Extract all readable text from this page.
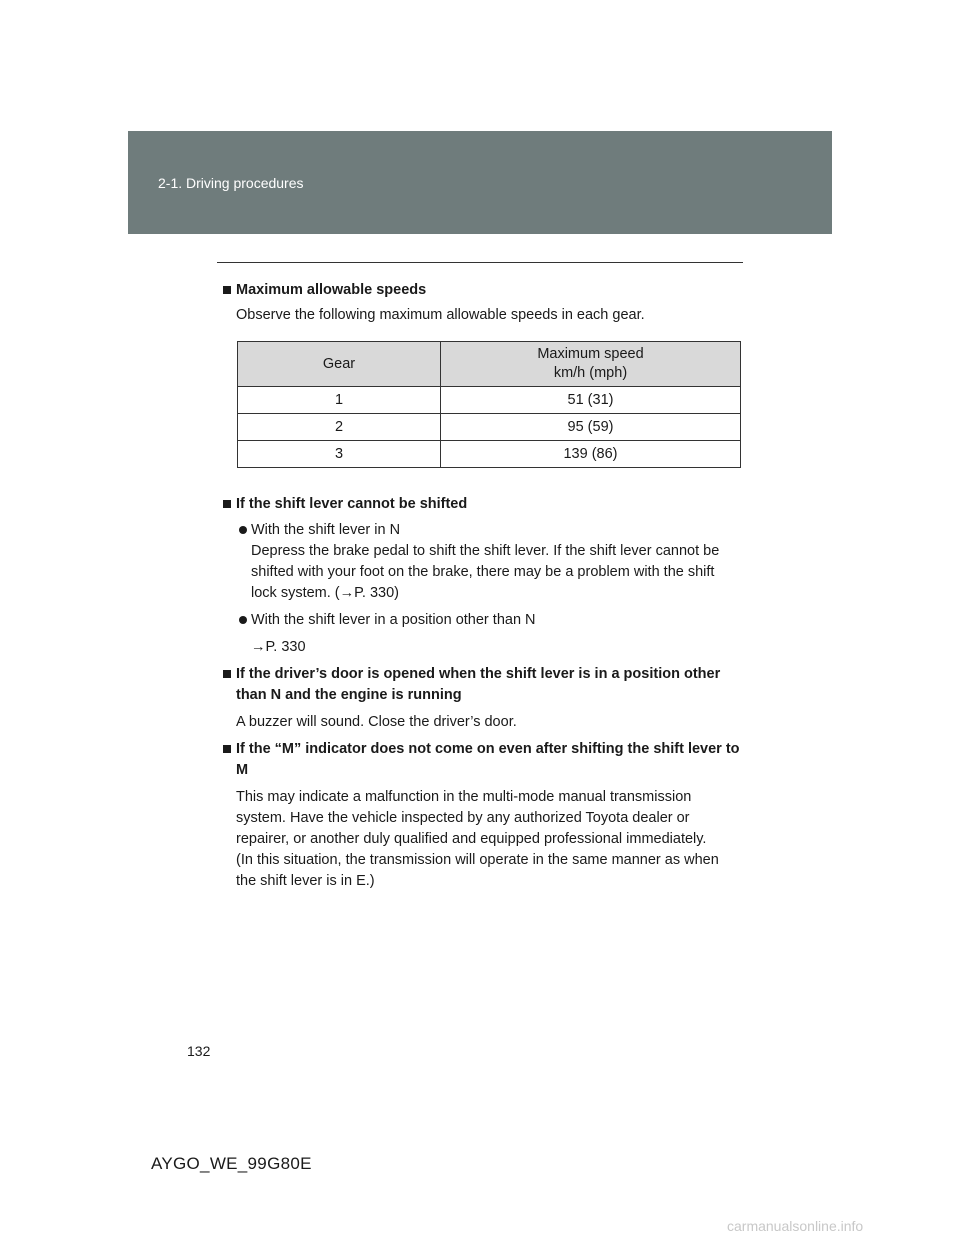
2-1. Driving procedures

Maximum allowable speeds

Observe the following maximum allowable speeds in each gear.

If the shift lever cannot be shifted

With the shift lever in N
Depress the brake pedal to shift the shift lever. If the shift lever cannot be shifted with your foot on the brake, there may be a problem with the shift lock system. (→P. 330)
With the shift lever in a position other than N

→P. 330

If the driver’s door is opened when the shift lever is in a position other than N and the engine is running

A buzzer will sound. Close the driver’s door.

If the “M” indicator does not come on even after shifting the shift lever to M

This may indicate a malfunction in the multi-mode manual transmission system. Have the vehicle inspected by any authorized Toyota dealer or repairer, or another duly qualified and equipped professional immediately.

(In this situation, the transmission will operate in the same manner as when the shift lever is in E.)

Gear	Maximum speed
km/h (mph)

1	51 (31)
2	95 (59)
3	139 (86)
132
AYGO_WE_99G80E
carmanualsonline.info
